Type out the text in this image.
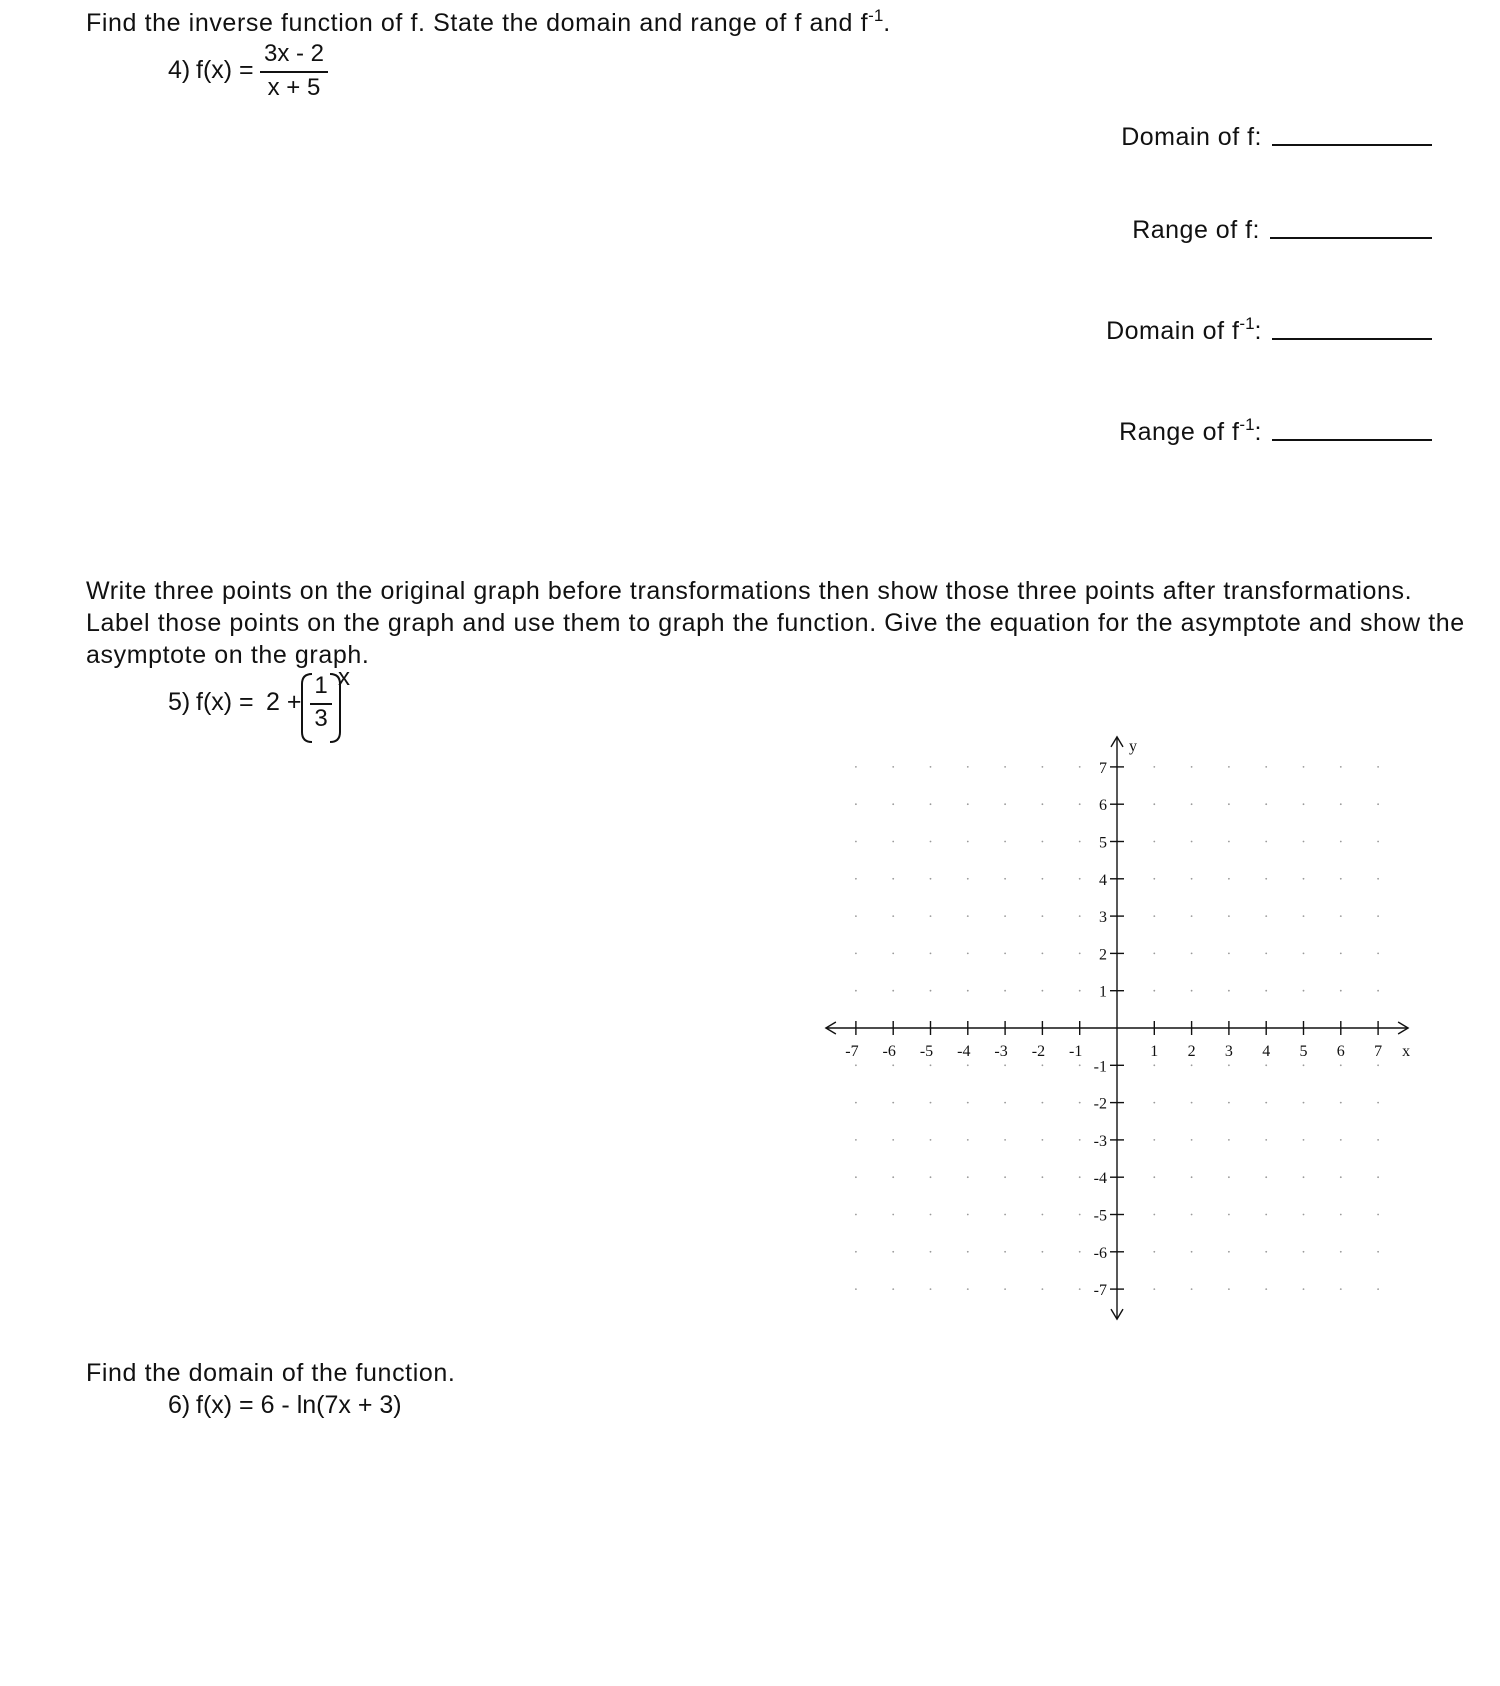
Find the inverse function of f. State the domain and range of f and $f^{-1}$.
4) f(x) =
3x - 2
x + 5
Domain of f:
Range of f:
Domain of $f^{-1}$:
Range of $f^{-1}$:
Write three points on the original graph before transformations then show those three points after transformations.
Label those points on the graph and use them to graph the function. Give the equation for the asymptote and show the
asymptote on the graph.
5) f(x) = 2 +
1
3
x
-7 -6 -5 -4 -3 -2 -1	1 2 3 4 5 6 7
7
6
5
4
3
2
1
-1
-2
-3
-4
-5
-6
-7
x
y
Find the domain of the function.
6) f(x) = 6 - ln(7x + 3)
